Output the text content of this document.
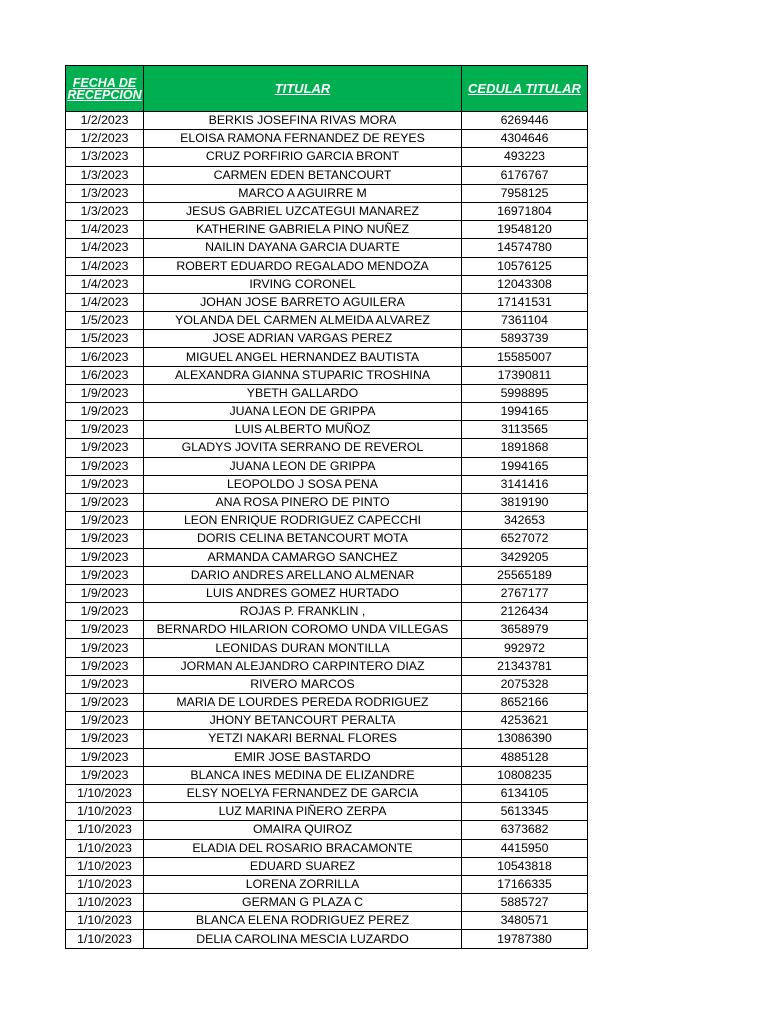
FECHA DE RECEPCION	TITULAR	CEDULA TITULAR
1/2/2023	BERKIS JOSEFINA RIVAS MORA	6269446
1/2/2023	ELOISA RAMONA FERNANDEZ DE REYES	4304646
1/3/2023	CRUZ PORFIRIO GARCIA BRONT	493223
1/3/2023	CARMEN EDEN BETANCOURT	6176767
1/3/2023	MARCO A AGUIRRE M	7958125
1/3/2023	JESUS GABRIEL UZCATEGUI MANAREZ	16971804
1/4/2023	KATHERINE GABRIELA PINO NUÑEZ	19548120
1/4/2023	NAILIN DAYANA GARCIA DUARTE	14574780
1/4/2023	ROBERT EDUARDO REGALADO MENDOZA	10576125
1/4/2023	IRVING CORONEL	12043308
1/4/2023	JOHAN JOSE BARRETO AGUILERA	17141531
1/5/2023	YOLANDA DEL CARMEN ALMEIDA ALVAREZ	7361104
1/5/2023	JOSE ADRIAN VARGAS PEREZ	5893739
1/6/2023	MIGUEL ANGEL HERNANDEZ BAUTISTA	15585007
1/6/2023	ALEXANDRA GIANNA STUPARIC TROSHINA	17390811
1/9/2023	YBETH GALLARDO	5998895
1/9/2023	JUANA LEON DE GRIPPA	1994165
1/9/2023	LUIS ALBERTO MUÑOZ	3113565
1/9/2023	GLADYS JOVITA SERRANO DE REVEROL	1891868
1/9/2023	JUANA LEON DE GRIPPA	1994165
1/9/2023	LEOPOLDO J SOSA PENA	3141416
1/9/2023	ANA ROSA PINERO DE PINTO	3819190
1/9/2023	LEON ENRIQUE RODRIGUEZ CAPECCHI	342653
1/9/2023	DORIS CELINA BETANCOURT MOTA	6527072
1/9/2023	ARMANDA CAMARGO SANCHEZ	3429205
1/9/2023	DARIO ANDRES ARELLANO ALMENAR	25565189
1/9/2023	LUIS ANDRES GOMEZ HURTADO	2767177
1/9/2023	ROJAS P. FRANKLIN ,	2126434
1/9/2023	BERNARDO HILARION COROMO UNDA VILLEGAS	3658979
1/9/2023	LEONIDAS DURAN MONTILLA	992972
1/9/2023	JORMAN ALEJANDRO CARPINTERO DIAZ	21343781
1/9/2023	RIVERO MARCOS	2075328
1/9/2023	MARIA DE LOURDES PEREDA RODRIGUEZ	8652166
1/9/2023	JHONY BETANCOURT PERALTA	4253621
1/9/2023	YETZI NAKARI BERNAL FLORES	13086390
1/9/2023	EMIR JOSE BASTARDO	4885128
1/9/2023	BLANCA INES MEDINA DE ELIZANDRE	10808235
1/10/2023	ELSY NOELYA FERNANDEZ DE GARCIA	6134105
1/10/2023	LUZ MARINA PIÑERO ZERPA	5613345
1/10/2023	OMAIRA QUIROZ	6373682
1/10/2023	ELADIA DEL ROSARIO BRACAMONTE	4415950
1/10/2023	EDUARD SUAREZ	10543818
1/10/2023	LORENA ZORRILLA	17166335
1/10/2023	GERMAN G PLAZA C	5885727
1/10/2023	BLANCA ELENA RODRIGUEZ PEREZ	3480571
1/10/2023	DELIA CAROLINA MESCIA LUZARDO	19787380
